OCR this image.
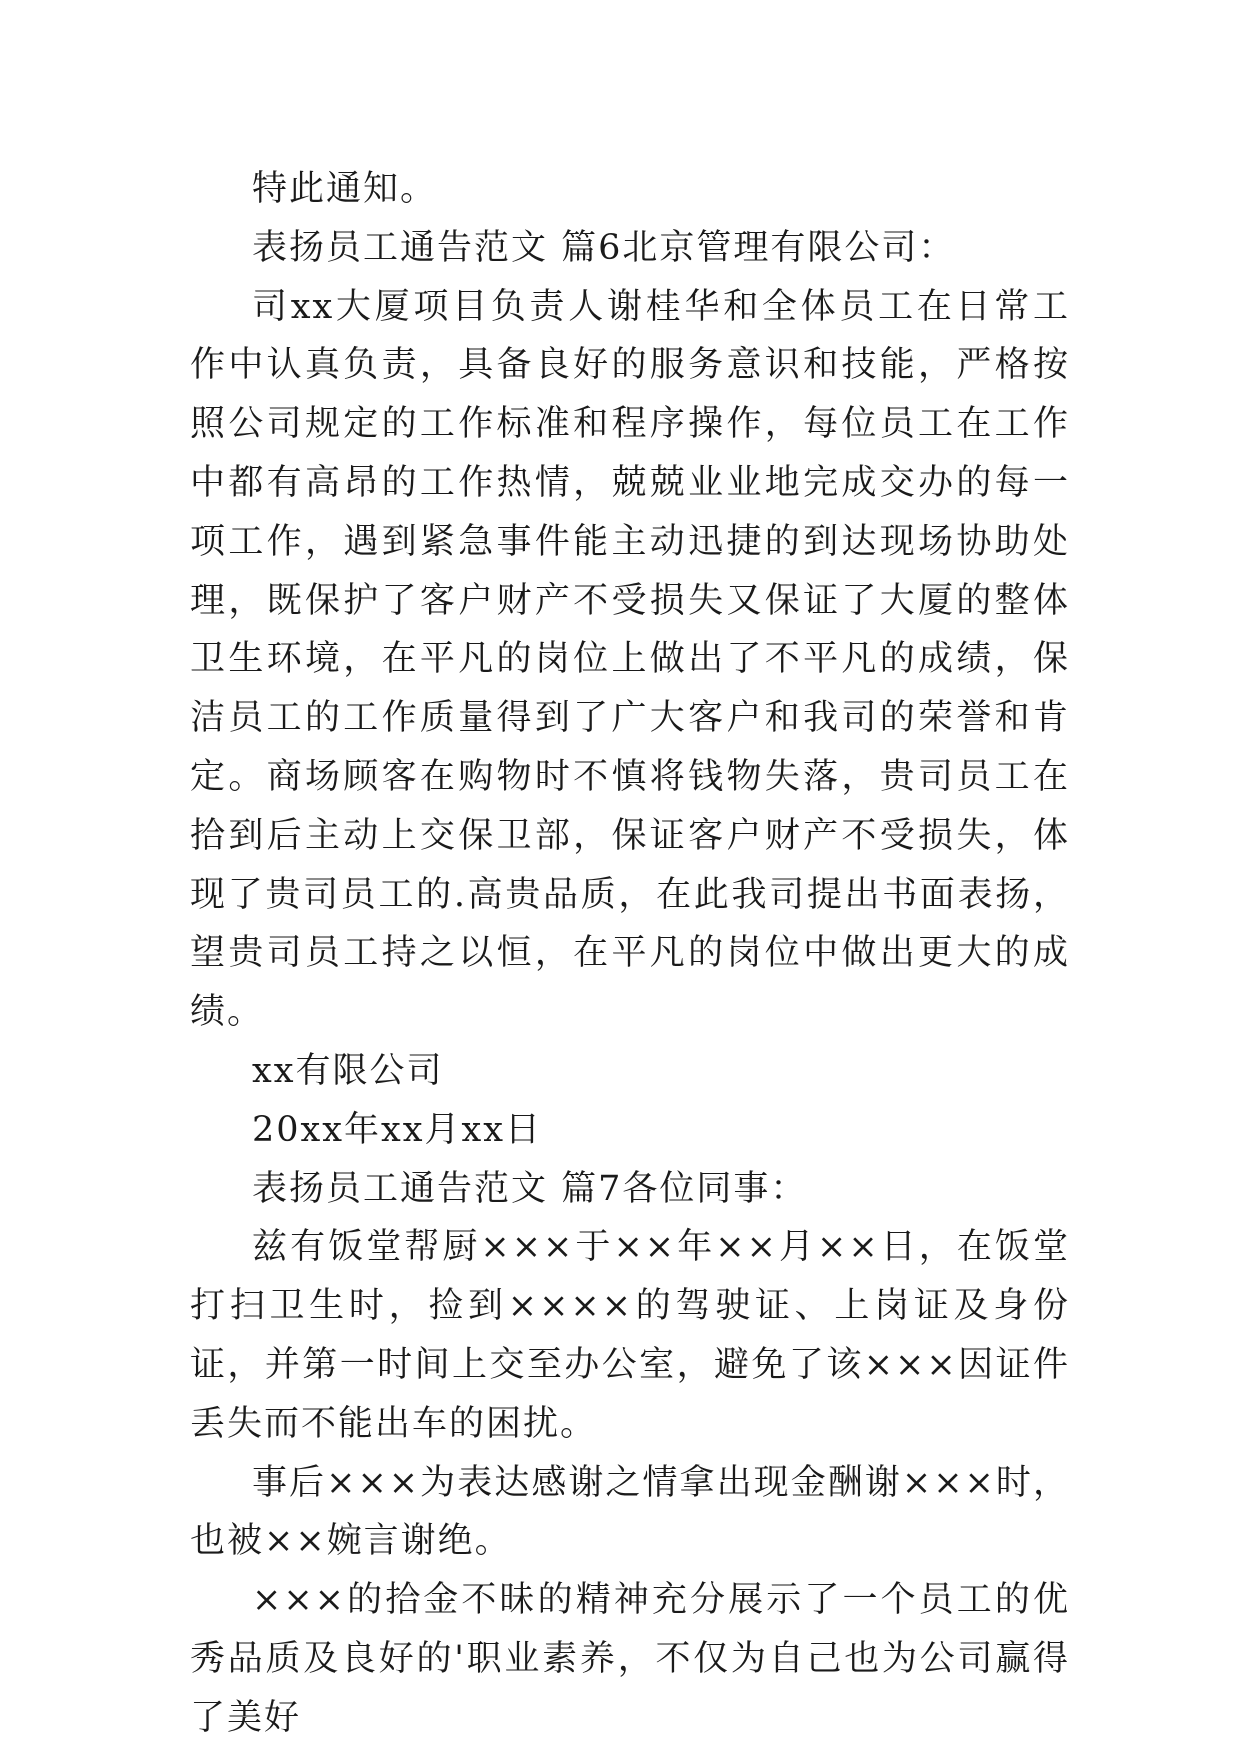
特此通知。

表扬员工通告范文 篇6北京管理有限公司：

司xx大厦项目负责人谢桂华和全体员工在日常工作中认真负责，具备良好的服务意识和技能，严格按照公司规定的工作标准和程序操作，每位员工在工作中都有高昂的工作热情，兢兢业业地完成交办的每一项工作，遇到紧急事件能主动迅捷的到达现场协助处理，既保护了客户财产不受损失又保证了大厦的整体卫生环境，在平凡的岗位上做出了不平凡的成绩，保洁员工的工作质量得到了广大客户和我司的荣誉和肯定。商场顾客在购物时不慎将钱物失落，贵司员工在拾到后主动上交保卫部，保证客户财产不受损失，体现了贵司员工的.高贵品质，在此我司提出书面表扬，望贵司员工持之以恒，在平凡的岗位中做出更大的成绩。

xx有限公司

20xx年xx月xx日

表扬员工通告范文 篇7各位同事：

兹有饭堂帮厨×××于××年××月××日，在饭堂打扫卫生时，捡到××××的驾驶证、上岗证及身份证，并第一时间上交至办公室，避免了该×××因证件丢失而不能出车的困扰。

事后×××为表达感谢之情拿出现金酬谢×××时，也被××婉言谢绝。

×××的拾金不昧的精神充分展示了一个员工的优秀品质及良好的'职业素养，不仅为自己也为公司赢得了美好
